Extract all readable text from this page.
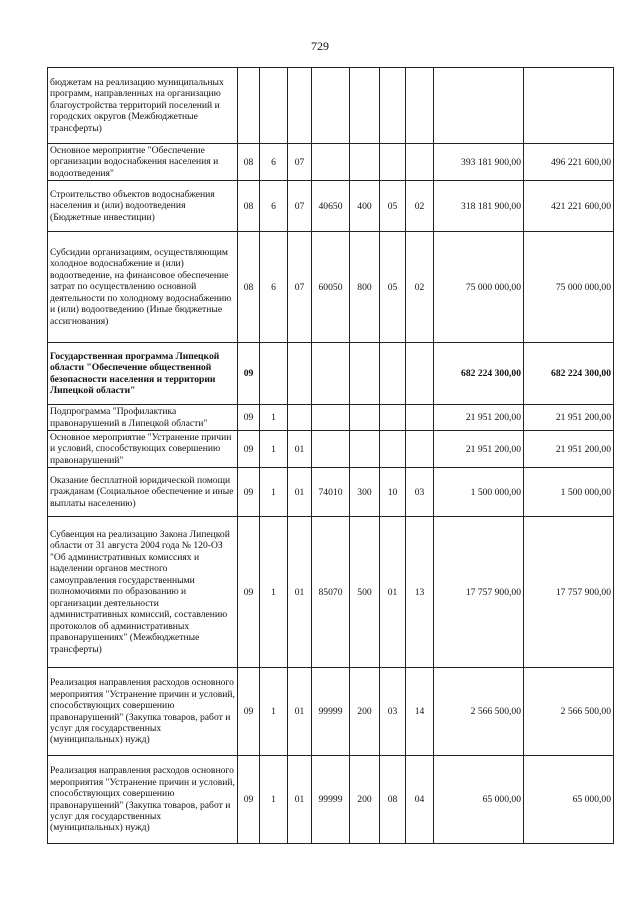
729
бюджетам на реализацию муниципальных программ, направленных на организацию благоустройства территорий поселений и городских округов (Межбюджетные трансферты)									
Основное мероприятие "Обеспечение организации водоснабжения населения и водоотведения"	08	6	07					393 181 900,00	496 221 600,00
Строительство объектов водоснабжения населения и (или) водоотведения (Бюджетные инвестиции)	08	6	07	40650	400	05	02	318 181 900,00	421 221 600,00
Субсидии организациям, осуществляющим холодное водоснабжение и (или) водоотведение, на финансовое обеспечение затрат по осуществлению основной деятельности по холодному водоснабжению и (или) водоотведению (Иные бюджетные ассигнования)	08	6	07	60050	800	05	02	75 000 000,00	75 000 000,00
Государственная программа Липецкой области "Обеспечение общественной безопасности населения и территории Липецкой области"	09							682 224 300,00	682 224 300,00
Подпрограмма "Профилактика правонарушений в Липецкой области"	09	1						21 951 200,00	21 951 200,00
Основное мероприятие "Устранение причин и условий, способствующих совершению правонарушений"	09	1	01					21 951 200,00	21 951 200,00
Оказание бесплатной юридической помощи гражданам (Социальное обеспечение и иные выплаты населению)	09	1	01	74010	300	10	03	1 500 000,00	1 500 000,00
Субвенция на реализацию Закона Липецкой области от 31 августа 2004 года № 120-ОЗ "Об административных комиссиях и наделении органов местного самоуправления государственными полномочиями по образованию и организации деятельности административных комиссий, составлению протоколов об административных правонарушениях" (Межбюджетные трансферты)	09	1	01	85070	500	01	13	17 757 900,00	17 757 900,00
Реализация направления расходов основного мероприятия "Устранение причин и условий, способствующих совершению правонарушений" (Закупка товаров, работ и услуг для государственных (муниципальных) нужд)	09	1	01	99999	200	03	14	2 566 500,00	2 566 500,00
Реализация направления расходов основного мероприятия "Устранение причин и условий, способствующих совершению правонарушений" (Закупка товаров, работ и услуг для государственных (муниципальных) нужд)	09	1	01	99999	200	08	04	65 000,00	65 000,00
